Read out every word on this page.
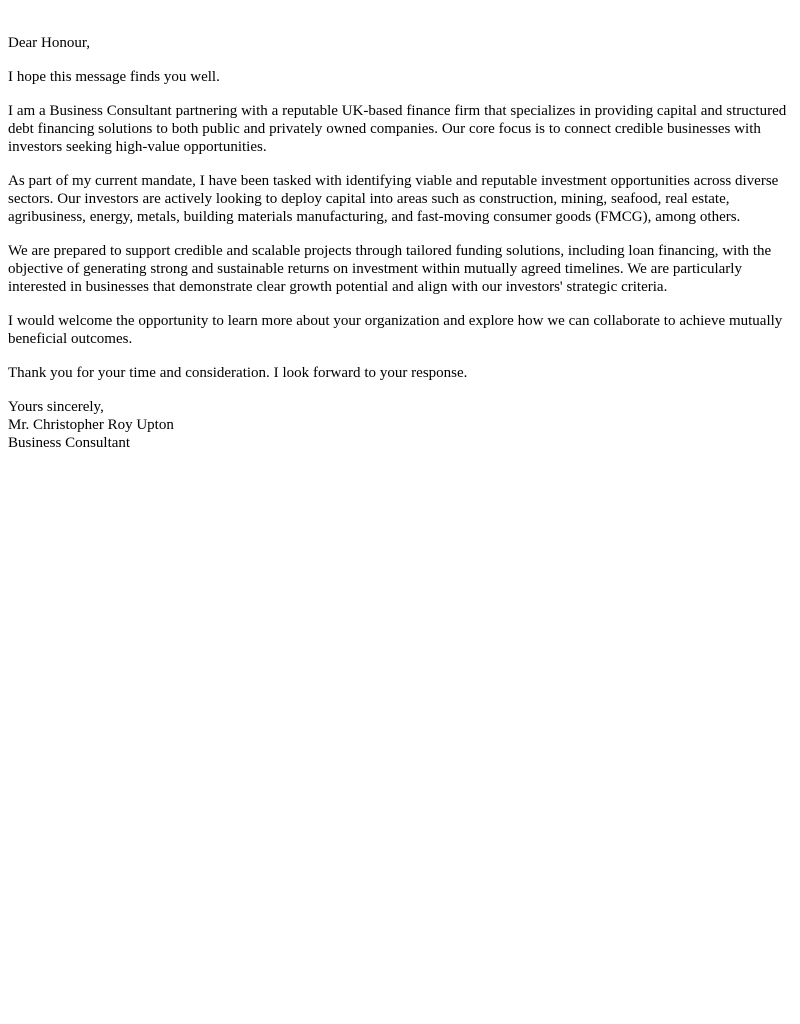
Dear Honour,

I hope this message finds you well.

I am a Business Consultant partnering with a reputable UK-based finance firm that specializes in providing capital and structured debt financing solutions to both public and privately owned companies. Our core focus is to connect credible businesses with investors seeking high-value opportunities.

As part of my current mandate, I have been tasked with identifying viable and reputable investment opportunities across diverse sectors. Our investors are actively looking to deploy capital into areas such as construction, mining, seafood, real estate, agribusiness, energy, metals, building materials manufacturing, and fast-moving consumer goods (FMCG), among others.

We are prepared to support credible and scalable projects through tailored funding solutions, including loan financing, with the objective of generating strong and sustainable returns on investment within mutually agreed timelines. We are particularly interested in businesses that demonstrate clear growth potential and align with our investors' strategic criteria.

I would welcome the opportunity to learn more about your organization and explore how we can collaborate to achieve mutually beneficial outcomes.

Thank you for your time and consideration. I look forward to your response.

Yours sincerely,
Mr. Christopher Roy Upton
Business Consultant
